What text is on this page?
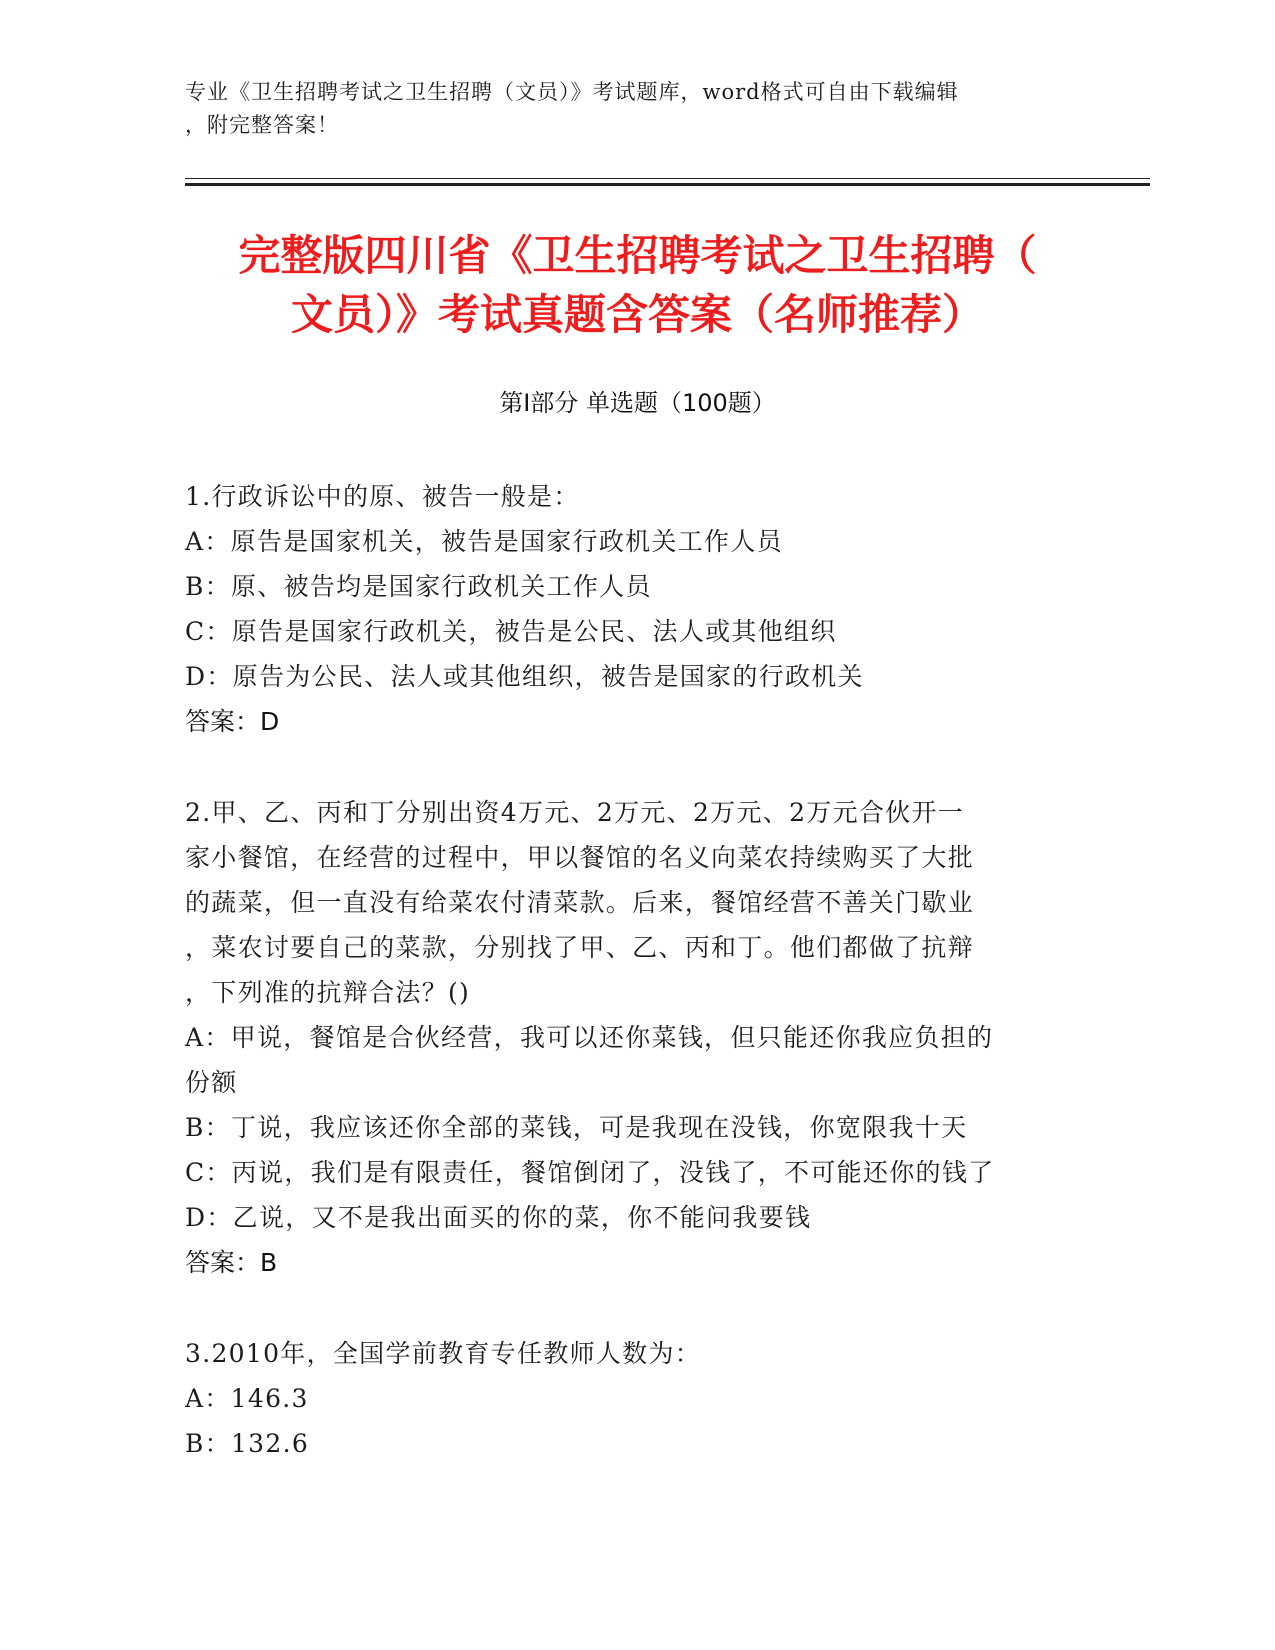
专业《卫生招聘考试之卫生招聘（文员）》考试题库，word格式可自由下载编辑
，附完整答案！
完整版四川省《卫生招聘考试之卫生招聘（
文员）》考试真题含答案（名师推荐）
第Ⅰ部分 单选题（100题）
1.行政诉讼中的原、被告一般是：
A：原告是国家机关，被告是国家行政机关工作人员
B：原、被告均是国家行政机关工作人员
C：原告是国家行政机关，被告是公民、法人或其他组织
D：原告为公民、法人或其他组织，被告是国家的行政机关
答案：D
2.甲、乙、丙和丁分别出资4万元、2万元、2万元、2万元合伙开一
家小餐馆，在经营的过程中，甲以餐馆的名义向菜农持续购买了大批
的蔬菜，但一直没有给菜农付清菜款。后来，餐馆经营不善关门歇业
，菜农讨要自己的菜款，分别找了甲、乙、丙和丁。他们都做了抗辩
，下列准的抗辩合法？()
A：甲说，餐馆是合伙经营，我可以还你菜钱，但只能还你我应负担的
份额
B：丁说，我应该还你全部的菜钱，可是我现在没钱，你宽限我十天
C：丙说，我们是有限责任，餐馆倒闭了，没钱了，不可能还你的钱了
D：乙说，又不是我出面买的你的菜，你不能问我要钱
答案：B
3.2010年，全国学前教育专任教师人数为：
A：146.3
B：132.6
